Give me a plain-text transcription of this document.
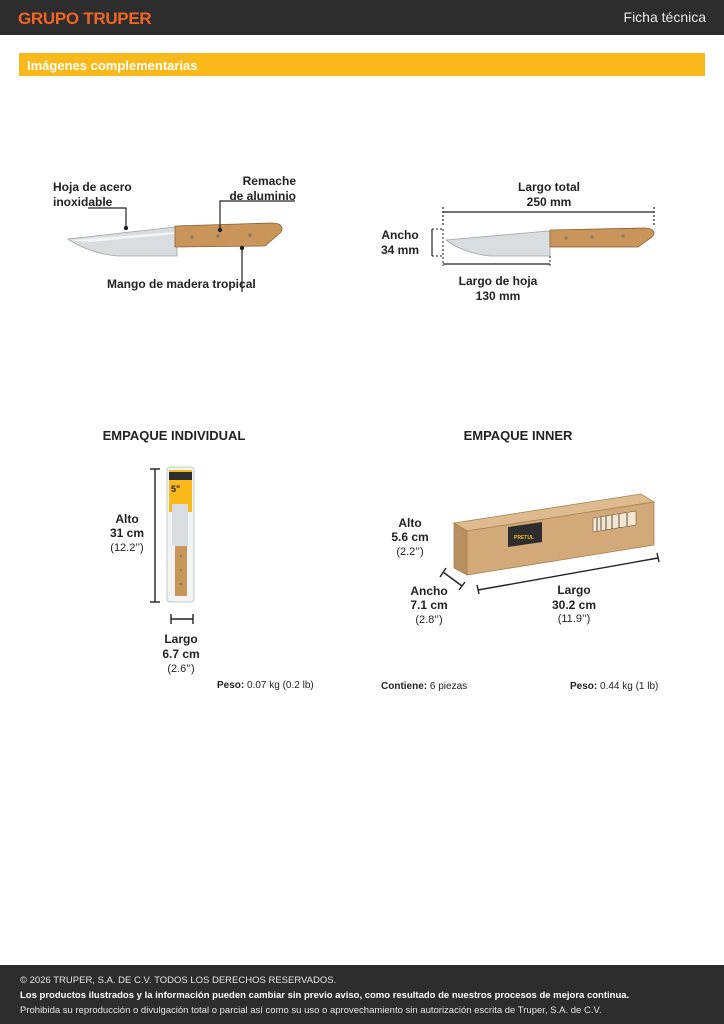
GRUPO TRUPER	Ficha técnica
Imágenes complementarias
Hoja de acero
inoxidable
Remache
de aluminio
Mango de madera tropical
Largo total
250 mm
Ancho
34 mm
Largo de hoja
130 mm
EMPAQUE INDIVIDUAL
5"
Alto
31 cm
(12.2’’)
Largo
6.7 cm
(2.6’’)
Peso: 0.07 kg (0.2 lb)
EMPAQUE INNER
PRETUL
Alto
5.6 cm
(2.2’’)
Ancho
7.1 cm
(2.8’’)
Largo
30.2 cm
(11.9’’)
Contiene: 6 piezas	Peso: 0.44 kg (1 lb)
© 2026 TRUPER, S.A. DE C.V. TODOS LOS DERECHOS RESERVADOS.
Los productos ilustrados y la información pueden cambiar sin previo aviso, como resultado de nuestros procesos de mejora continua.
Prohibida su reproducción o divulgación total o parcial así como su uso o aprovechamiento sin autorización escrita de Truper, S.A. de C.V.
